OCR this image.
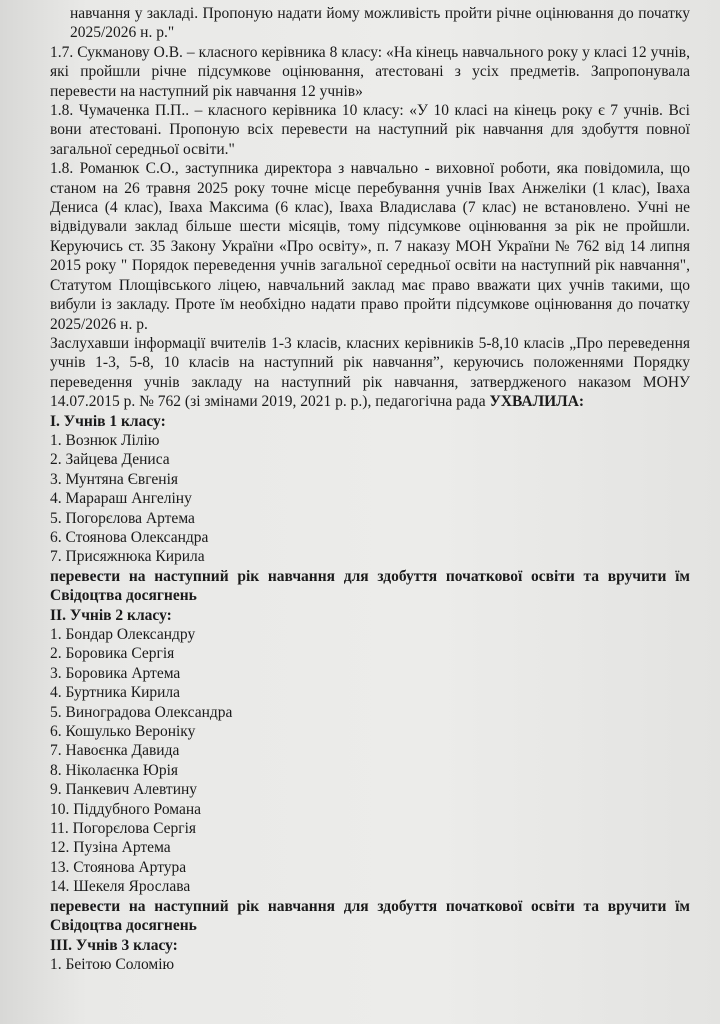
навчання у закладі. Пропоную надати йому можливість пройти річне оцінювання до початку 2025/2026 н. р."

1.7. Сукманову О.В. – класного керівника 8 класу: «На кінець навчального року у класі 12 учнів, які пройшли річне підсумкове оцінювання, атестовані з усіх предметів. Запропонувала перевести на наступний рік навчання 12 учнів»

1.8. Чумаченка П.П.. – класного керівника 10 класу: «У 10 класі на кінець року є 7 учнів. Всі вони атестовані. Пропоную всіх перевести на наступний рік навчання для здобуття повної загальної середньої освіти."

1.8. Романюк С.О., заступника директора з навчально - виховної роботи, яка повідомила, що станом на 26 травня 2025 року точне місце перебування учнів Івах Анжеліки (1 клас), Іваха Дениса (4 клас), Іваха Максима (6 клас), Іваха Владислава (7 клас) не встановлено. Учні не відвідували заклад більше шести місяців, тому підсумкове оцінювання за рік не пройшли. Керуючись ст. 35 Закону України «Про освіту», п. 7 наказу МОН України № 762 від 14 липня 2015 року " Порядок переведення учнів загальної середньої освіти на наступний рік навчання", Статутом Площівського ліцею, навчальний заклад має право вважати цих учнів такими, що вибули із закладу. Проте їм необхідно надати право пройти підсумкове оцінювання до початку 2025/2026 н. р.

Заслухавши інформації вчителів 1-3 класів, класних керівників 5-8,10 класів „Про переведення учнів 1-3, 5-8, 10 класів на наступний рік навчання”, керуючись положеннями Порядку переведення учнів закладу на наступний рік навчання, затвердженого наказом МОНУ 14.07.2015 р. № 762 (зі змінами 2019, 2021 р. р.), педагогічна рада УХВАЛИЛА:

І. Учнів 1 класу:

1. Вознюк Лілію
2. Зайцева Дениса
3. Мунтяна Євгенія
4. Марараш Ангеліну
5. Погорєлова Артема
6. Стоянова Олександра
7. Присяжнюка Кирила

перевести на наступний рік навчання для здобуття початкової освіти та вручити їм Свідоцтва досягнень

ІІ. Учнів 2 класу:

1. Бондар Олександру
2. Боровика Сергія
3. Боровика Артема
4. Буртника Кирила
5. Виноградова Олександра
6. Кошулько Вероніку
7. Навоєнка Давида
8. Ніколаєнка Юрія
9. Панкевич Алевтину
10. Піддубного Романа
11. Погорєлова Сергія
12. Пузіна Артема
13. Стоянова Артура
14. Шекеля Ярослава

перевести на наступний рік навчання для здобуття початкової освіти та вручити їм Свідоцтва досягнень

ІІІ. Учнів 3 класу:

1. Беітою Соломію
